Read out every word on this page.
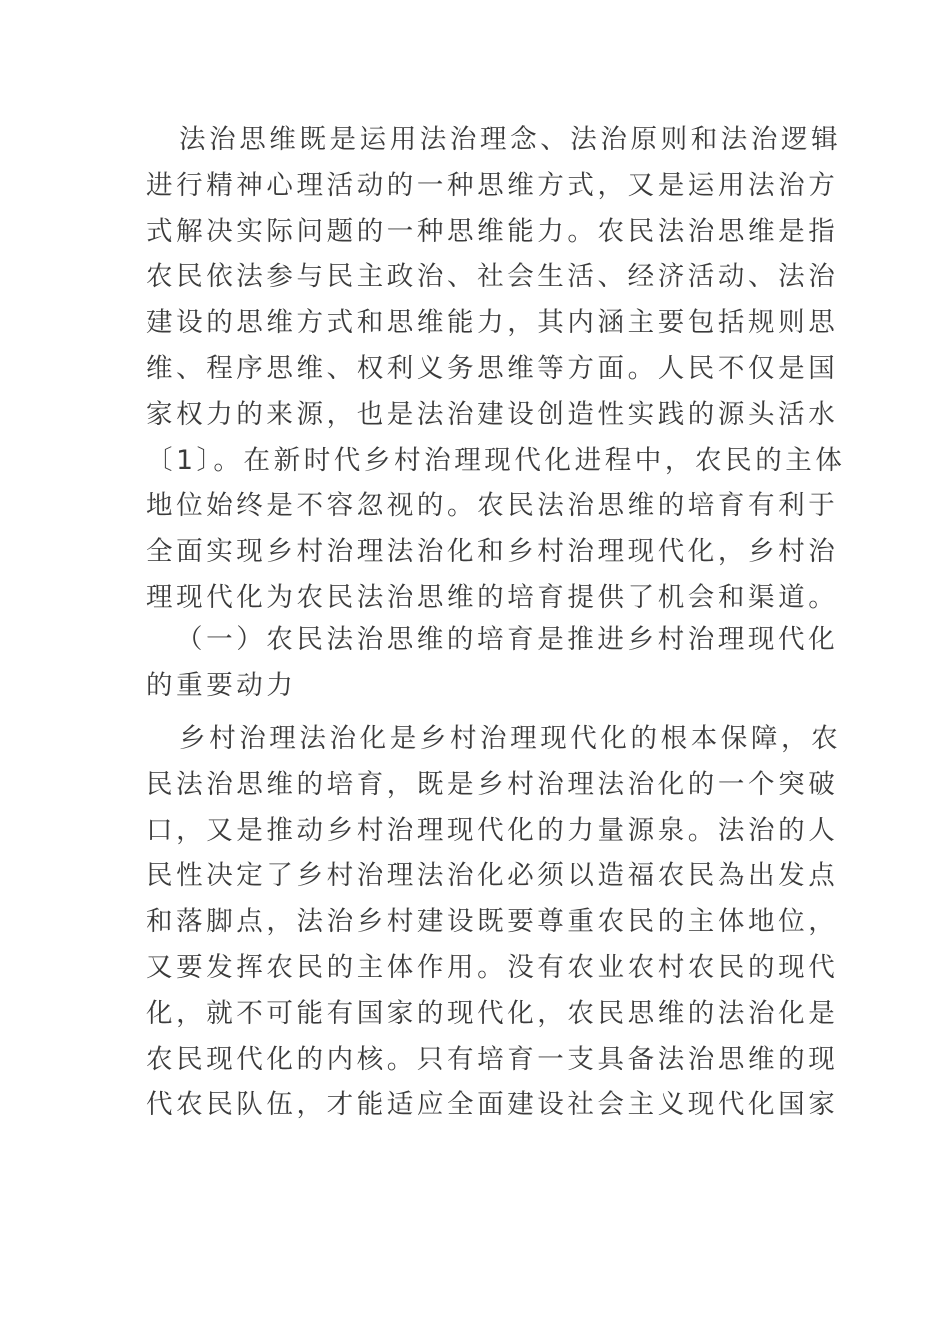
法治思维既是运用法治理念、法治原则和法治逻辑
进行精神心理活动的一种思维方式，又是运用法治方
式解决实际问题的一种思维能力。农民法治思维是指
农民依法参与民主政治、社会生活、经济活动、法治
建设的思维方式和思维能力，其内涵主要包括规则思
维、程序思维、权利义务思维等方面。人民不仅是国
家权力的来源，也是法治建设创造性实践的源头活水
〔1〕。在新时代乡村治理现代化进程中，农民的主体
地位始终是不容忽视的。农民法治思维的培育有利于
全面实现乡村治理法治化和乡村治理现代化，乡村治
理现代化为农民法治思维的培育提供了机会和渠道。
（一）农民法治思维的培育是推进乡村治理现代化
的重要动力
乡村治理法治化是乡村治理现代化的根本保障，农
民法治思维的培育，既是乡村治理法治化的一个突破
口，又是推动乡村治理现代化的力量源泉。法治的人
民性决定了乡村治理法治化必须以造福农民為出发点
和落脚点，法治乡村建设既要尊重农民的主体地位，
又要发挥农民的主体作用。没有农业农村农民的现代
化，就不可能有国家的现代化，农民思维的法治化是
农民现代化的内核。只有培育一支具备法治思维的现
代农民队伍，才能适应全面建设社会主义现代化国家
